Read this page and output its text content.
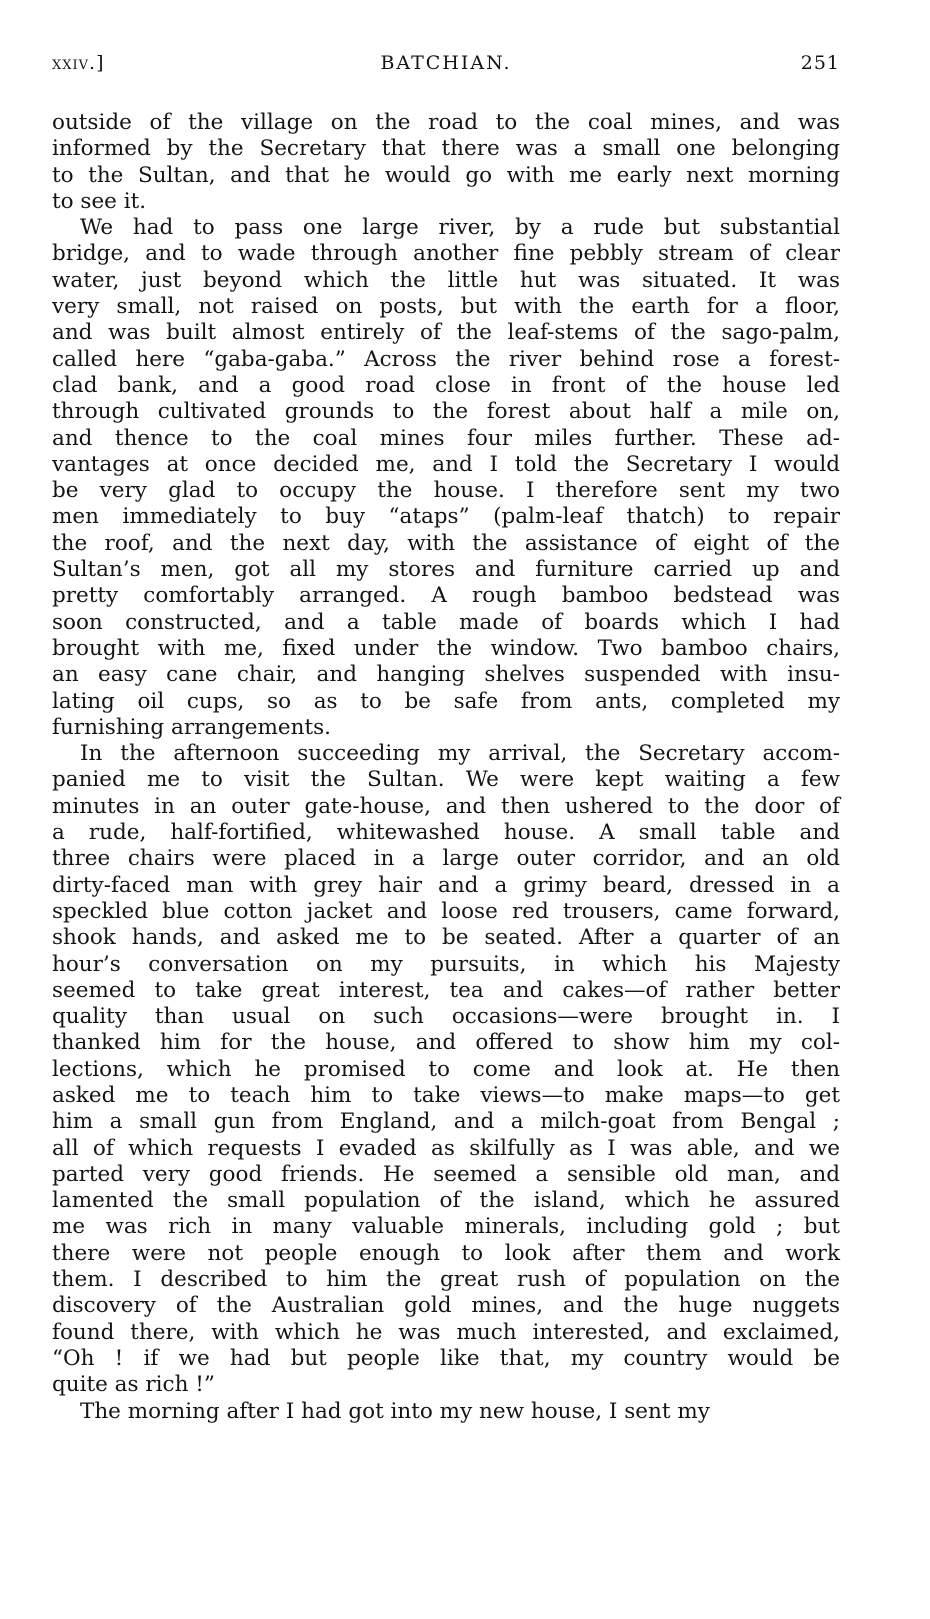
xxiv.]	BATCHIAN.	251
outside of the village on the road to the coal mines, and was
informed by the Secretary that there was a small one belonging
to the Sultan, and that he would go with me early next morning
to see it.
We had to pass one large river, by a rude but substantial
bridge, and to wade through another fine pebbly stream of clear
water, just beyond which the little hut was situated. It was
very small, not raised on posts, but with the earth for a floor,
and was built almost entirely of the leaf-stems of the sago-palm,
called here “gaba-gaba.” Across the river behind rose a forest-
clad bank, and a good road close in front of the house led
through cultivated grounds to the forest about half a mile on,
and thence to the coal mines four miles further. These ad-
vantages at once decided me, and I told the Secretary I would
be very glad to occupy the house. I therefore sent my two
men immediately to buy “ataps” (palm-leaf thatch) to repair
the roof, and the next day, with the assistance of eight of the
Sultan’s men, got all my stores and furniture carried up and
pretty comfortably arranged. A rough bamboo bedstead was
soon constructed, and a table made of boards which I had
brought with me, fixed under the window. Two bamboo chairs,
an easy cane chair, and hanging shelves suspended with insu-
lating oil cups, so as to be safe from ants, completed my
furnishing arrangements.
In the afternoon succeeding my arrival, the Secretary accom-
panied me to visit the Sultan. We were kept waiting a few
minutes in an outer gate-house, and then ushered to the door of
a rude, half-fortified, whitewashed house. A small table and
three chairs were placed in a large outer corridor, and an old
dirty-faced man with grey hair and a grimy beard, dressed in a
speckled blue cotton jacket and loose red trousers, came forward,
shook hands, and asked me to be seated. After a quarter of an
hour’s conversation on my pursuits, in which his Majesty
seemed to take great interest, tea and cakes—of rather better
quality than usual on such occasions—were brought in. I
thanked him for the house, and offered to show him my col-
lections, which he promised to come and look at. He then
asked me to teach him to take views—to make maps—to get
him a small gun from England, and a milch-goat from Bengal ;
all of which requests I evaded as skilfully as I was able, and we
parted very good friends. He seemed a sensible old man, and
lamented the small population of the island, which he assured
me was rich in many valuable minerals, including gold ; but
there were not people enough to look after them and work
them. I described to him the great rush of population on the
discovery of the Australian gold mines, and the huge nuggets
found there, with which he was much interested, and exclaimed,
“Oh ! if we had but people like that, my country would be
quite as rich !”
The morning after I had got into my new house, I sent my
